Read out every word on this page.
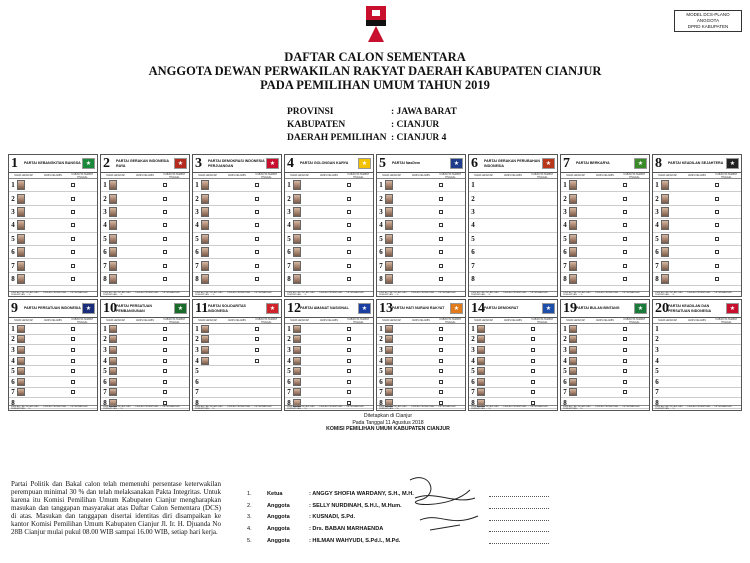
MODEL DCS-PLANO ANGGOTA
DPRD KABUPATEN
DAFTAR CALON SEMENTARA
ANGGOTA DEWAN PERWAKILAN RAKYAT DAERAH KABUPATEN CIANJUR
PADA PEMILIHAN UMUM TAHUN 2019
PROVINSI	: JAWA BARAT
KABUPATEN	: CIANJUR
DAERAH PEMILIHAN : CIANJUR 4
1	PARTAI KEBANGKITAN BANGSA ★
NAMA LENGKAP	JENIS KELAMIN	KAB/KOTA TEMPAT TINGGAL
1
2
3
4
5
6
7
8
JUMLAH CALON LAKI-LAKI : ... JUMLAH PEREMPUAN : ... KETERWAKILAN PEREMPUAN : ...%
2	PARTAI GERAKAN INDONESIA RAYA	★
NAMA LENGKAP	JENIS KELAMIN	KAB/KOTA TEMPAT TINGGAL
1
2
3
4
5
6
7
8
JUMLAH CALON LAKI-LAKI : ... JUMLAH PEREMPUAN : ... KETERWAKILAN PEREMPUAN : ...%
3	PARTAI DEMOKRASI INDONESIA PERJUANGAN	★
NAMA LENGKAP	JENIS KELAMIN	KAB/KOTA TEMPAT TINGGAL
1
2
3
4
5
6
7
8
JUMLAH CALON LAKI-LAKI : ... JUMLAH PEREMPUAN : ... KETERWAKILAN PEREMPUAN : ...%
4	PARTAI GOLONGAN KARYA	★
NAMA LENGKAP	JENIS KELAMIN	KAB/KOTA TEMPAT TINGGAL
1
2
3
4
5
6
7
8
JUMLAH CALON LAKI-LAKI : ... JUMLAH PEREMPUAN : ... KETERWAKILAN PEREMPUAN : ...%
5	PARTAI NasDem	★
NAMA LENGKAP	JENIS KELAMIN	KAB/KOTA TEMPAT TINGGAL
1
2
3
4
5
6
7
8
JUMLAH CALON LAKI-LAKI : ... JUMLAH PEREMPUAN : ... KETERWAKILAN PEREMPUAN : ...%
6	PARTAI GERAKAN PERUBAHAN INDONESIA	★
NAMA LENGKAP	JENIS KELAMIN	KAB/KOTA TEMPAT TINGGAL
1
2
3
4
5
6
7
8
JUMLAH CALON LAKI-LAKI : ... JUMLAH PEREMPUAN : ... KETERWAKILAN PEREMPUAN : ...%
7	PARTAI BERKARYA	★
NAMA LENGKAP	JENIS KELAMIN	KAB/KOTA TEMPAT TINGGAL
1
2
3
4
5
6
7
8
JUMLAH CALON LAKI-LAKI : ... JUMLAH PEREMPUAN : ... KETERWAKILAN PEREMPUAN : ...%
8	PARTAI KEADILAN SEJAHTERA	★
NAMA LENGKAP	JENIS KELAMIN	KAB/KOTA TEMPAT TINGGAL
1
2
3
4
5
6
7
8
JUMLAH CALON LAKI-LAKI : ... JUMLAH PEREMPUAN : ... KETERWAKILAN PEREMPUAN : ...%
9	PARTAI PERSATUAN INDONESIA ★
NAMA LENGKAP	JENIS KELAMIN	KAB/KOTA TEMPAT TINGGAL
1
2
3
4
5
6
7
8
JUMLAH CALON LAKI-LAKI : ... JUMLAH PEREMPUAN : ... KETERWAKILAN PEREMPUAN : ...%
10 PARTAI PERSATUAN PEMBANGUNAN	★
NAMA LENGKAP	JENIS KELAMIN	KAB/KOTA TEMPAT TINGGAL
1
2
3
4
5
6
7
8
JUMLAH CALON LAKI-LAKI : ... JUMLAH PEREMPUAN : ... KETERWAKILAN PEREMPUAN : ...%
11 PARTAI SOLIDARITAS INDONESIA	★
NAMA LENGKAP	JENIS KELAMIN	KAB/KOTA TEMPAT TINGGAL
1
2
3
4
5
6
7
8
JUMLAH CALON LAKI-LAKI : ... JUMLAH PEREMPUAN : ... KETERWAKILAN PEREMPUAN : ...%
12 PARTAI AMANAT NASIONAL	★
NAMA LENGKAP	JENIS KELAMIN	KAB/KOTA TEMPAT TINGGAL
1
2
3
4
5
6
7
8
JUMLAH CALON LAKI-LAKI : ... JUMLAH PEREMPUAN : ... KETERWAKILAN PEREMPUAN : ...%
13 PARTAI HATI NURANI RAKYAT	★
NAMA LENGKAP	JENIS KELAMIN	KAB/KOTA TEMPAT TINGGAL
1
2
3
4
5
6
7
8
JUMLAH CALON LAKI-LAKI : ... JUMLAH PEREMPUAN : ... KETERWAKILAN PEREMPUAN : ...%
14 PARTAI DEMOKRAT	★
NAMA LENGKAP	JENIS KELAMIN	KAB/KOTA TEMPAT TINGGAL
1
2
3
4
5
6
7
8
JUMLAH CALON LAKI-LAKI : ... JUMLAH PEREMPUAN : ... KETERWAKILAN PEREMPUAN : ...%
19 PARTAI BULAN BINTANG	★
NAMA LENGKAP	JENIS KELAMIN	KAB/KOTA TEMPAT TINGGAL
1
2
3
4
5
6
7
8
JUMLAH CALON LAKI-LAKI : ... JUMLAH PEREMPUAN : ... KETERWAKILAN PEREMPUAN : ...%
20 PARTAI KEADILAN DAN PERSATUAN INDONESIA	★
NAMA LENGKAP	JENIS KELAMIN	KAB/KOTA TEMPAT TINGGAL
1
2
3
4
5
6
7
8
JUMLAH CALON LAKI-LAKI : ... JUMLAH PEREMPUAN : ... KETERWAKILAN PEREMPUAN : ...%
Ditetapkan di Cianjur
Pada Tanggal 11 Agustus 2018
KOMISI PEMILIHAN UMUM KABUPATEN CIANJUR
1.	Ketua	: ANGGY SHOFIA WARDANY, S.H., M.H.
2.	Anggota	: SELLY NURDINAH, S.H.I., M.Hum.
3.	Anggota	: KUSNADI, S.Pd.
4.	Anggota	: Drs. BABAN MARHAENDA
5.	Anggota	: HILMAN WAHYUDI, S.Pd.I., M.Pd.
Partai Politik dan Bakal calon telah memenuhi persentase keterwakilan perempuan minimal 30 % dan telah melaksanakan Pakta Integritas. Untuk karena itu Komisi Pemilihan Umum Kabupaten Cianjur mengharapkan masukan dan tanggapan masyarakat atas Daftar Calon Sementara (DCS) di atas. Masukan dan tanggapan disertai identitas diri disampaikan ke kantor Komisi Pemilihan Umum Kabupaten Cianjur Jl. Ir. H. Djuanda No 28B Cianjur mulai pukul 08.00 WIB sampai 16.00 WIB, setiap hari kerja.
